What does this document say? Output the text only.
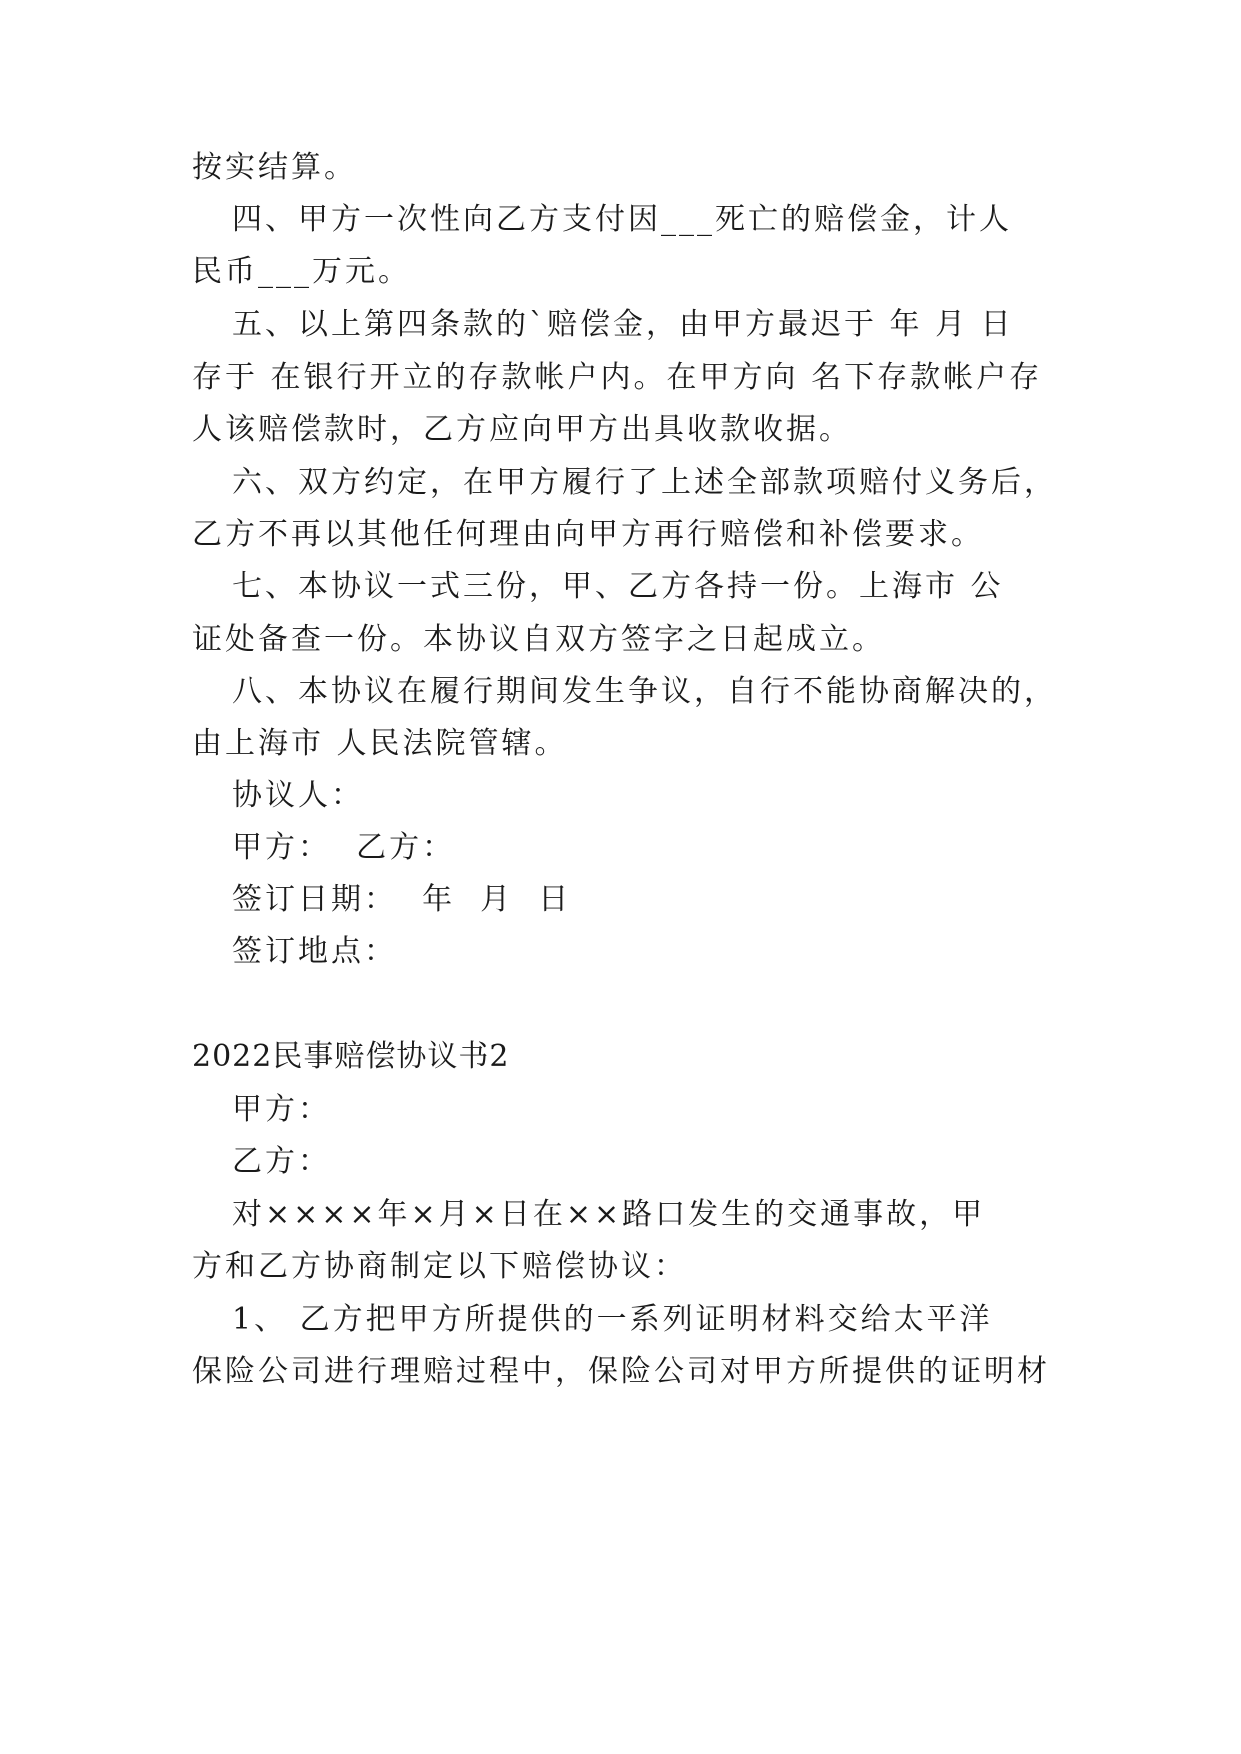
按实结算。
四、甲方一次性向乙方支付因___死亡的赔偿金，计人
民币___万元。
五、以上第四条款的`赔偿金，由甲方最迟于 年 月 日
存于 在银行开立的存款帐户内。在甲方向 名下存款帐户存
人该赔偿款时，乙方应向甲方出具收款收据。
六、双方约定，在甲方履行了上述全部款项赔付义务后，
乙方不再以其他任何理由向甲方再行赔偿和补偿要求。
七、本协议一式三份，甲、乙方各持一份。上海市 公
证处备查一份。本协议自双方签字之日起成立。
八、本协议在履行期间发生争议，自行不能协商解决的，
由上海市 人民法院管辖。
协议人：
甲方：  乙方：
签订日期：  年  月  日
签订地点：
2022民事赔偿协议书2
甲方：
乙方：
对××××年×月×日在××路口发生的交通事故，甲
方和乙方协商制定以下赔偿协议：
1、 乙方把甲方所提供的一系列证明材料交给太平洋
保险公司进行理赔过程中，保险公司对甲方所提供的证明材
